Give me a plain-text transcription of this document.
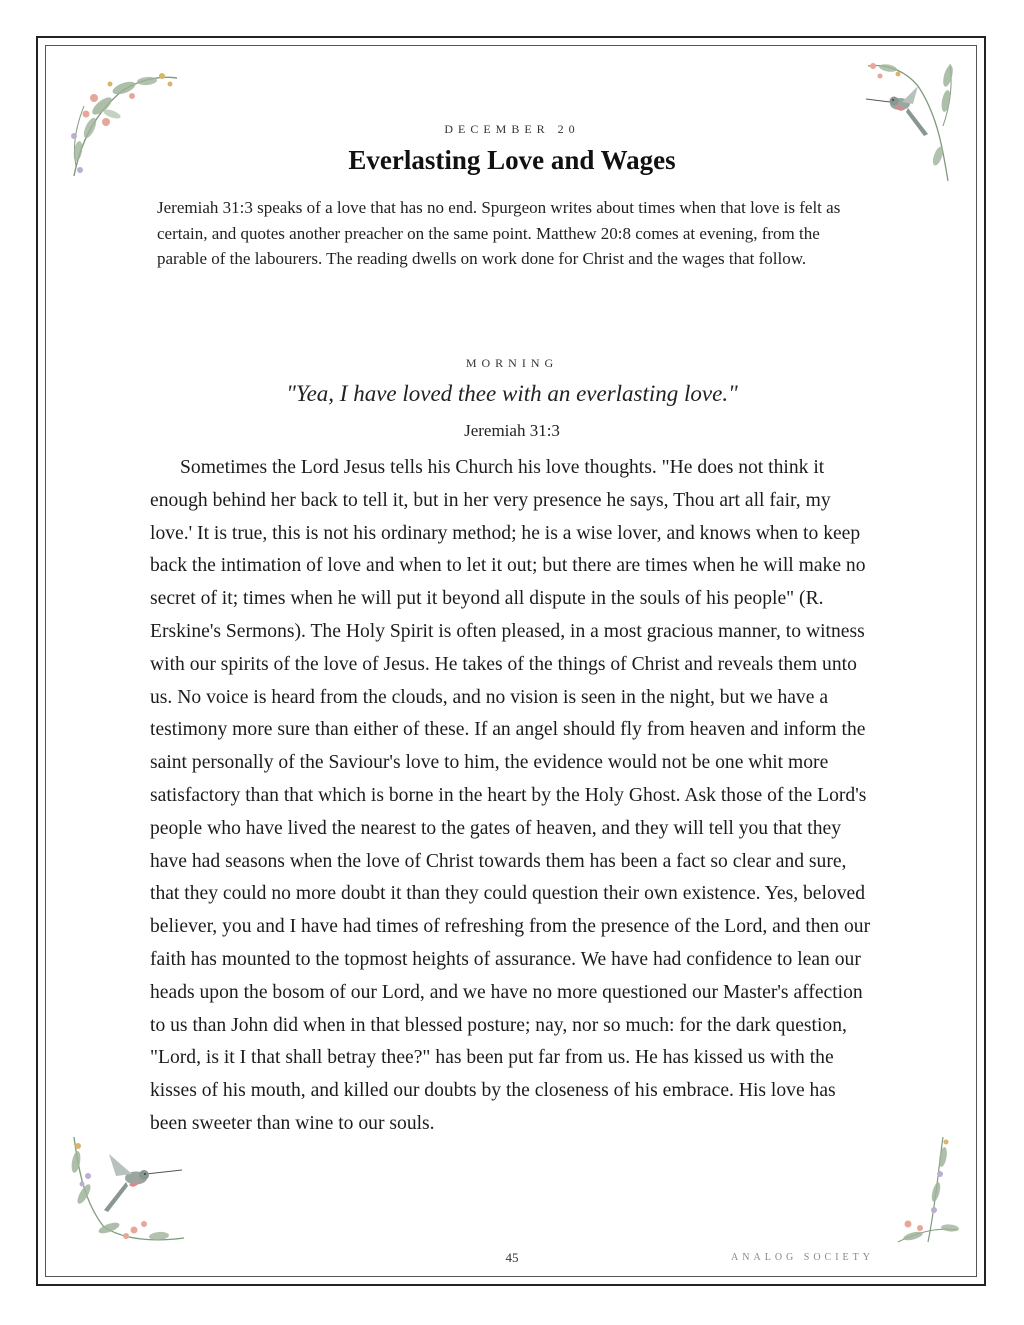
DECEMBER 20
Everlasting Love and Wages

Jeremiah 31:3 speaks of a love that has no end. Spurgeon writes about times when that love is felt as certain, and quotes another preacher on the same point. Matthew 20:8 comes at evening, from the parable of the labourers. The reading dwells on work done for Christ and the wages that follow.

MORNING

"Yea, I have loved thee with an everlasting love."

Jeremiah 31:3

Sometimes the Lord Jesus tells his Church his love thoughts. "He does not think it enough behind her back to tell it, but in her very presence he says, Thou art all fair, my love.' It is true, this is not his ordinary method; he is a wise lover, and knows when to keep back the intimation of love and when to let it out; but there are times when he will make no secret of it; times when he will put it beyond all dispute in the souls of his people" (R. Erskine's Sermons). The Holy Spirit is often pleased, in a most gracious manner, to witness with our spirits of the love of Jesus. He takes of the things of Christ and reveals them unto us. No voice is heard from the clouds, and no vision is seen in the night, but we have a testimony more sure than either of these. If an angel should fly from heaven and inform the saint personally of the Saviour's love to him, the evidence would not be one whit more satisfactory than that which is borne in the heart by the Holy Ghost. Ask those of the Lord's people who have lived the nearest to the gates of heaven, and they will tell you that they have had seasons when the love of Christ towards them has been a fact so clear and sure, that they could no more doubt it than they could question their own existence. Yes, beloved believer, you and I have had times of refreshing from the presence of the Lord, and then our faith has mounted to the topmost heights of assurance. We have had confidence to lean our heads upon the bosom of our Lord, and we have no more questioned our Master's affection to us than John did when in that blessed posture; nay, nor so much: for the dark question, "Lord, is it I that shall betray thee?" has been put far from us. He has kissed us with the kisses of his mouth, and killed our doubts by the closeness of his embrace. His love has been sweeter than wine to our souls.

45	ANALOG SOCIETY
